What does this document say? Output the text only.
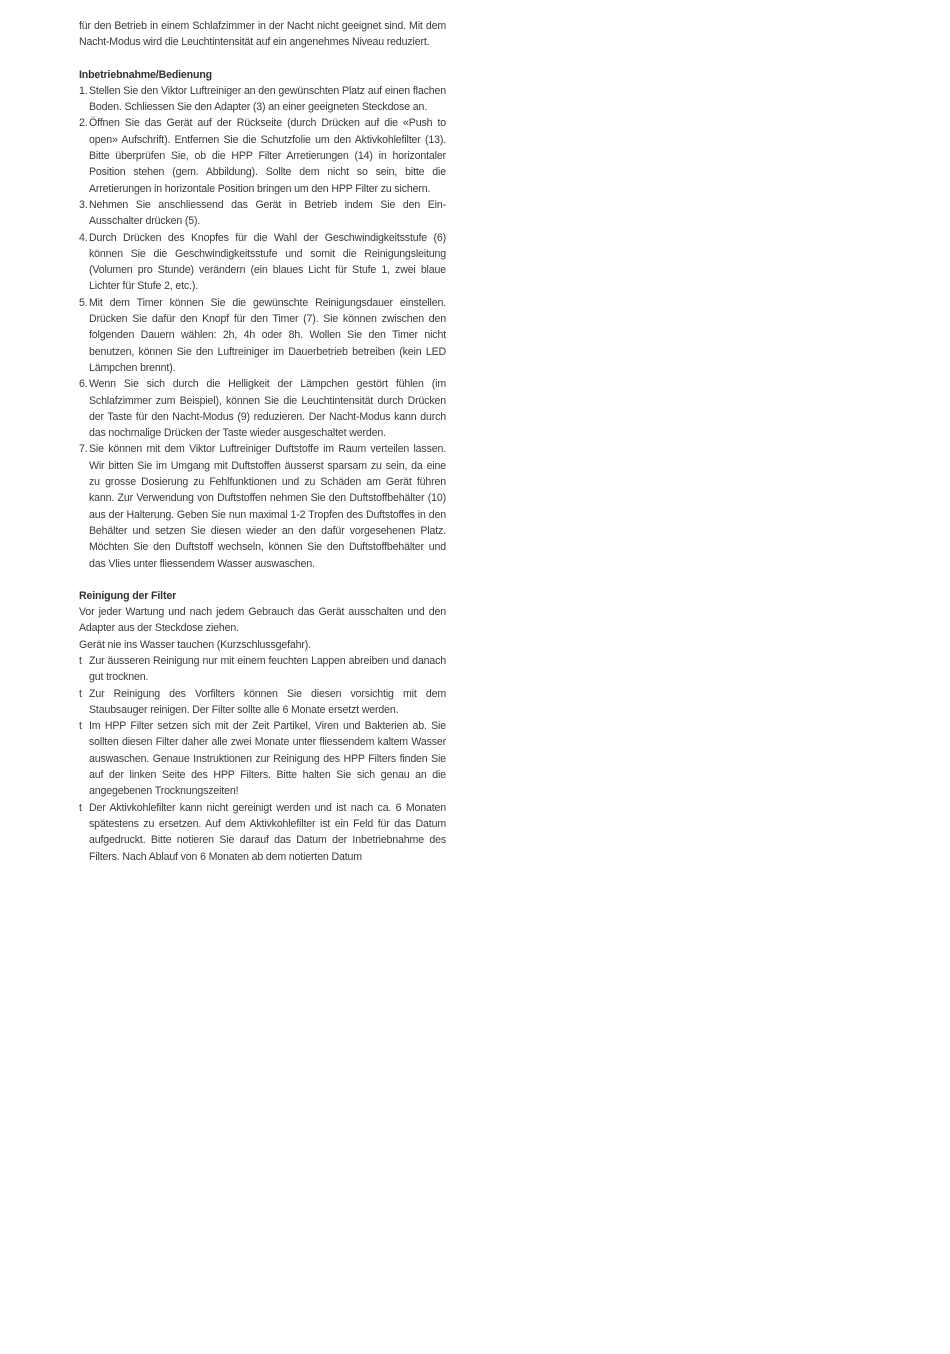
für den Betrieb in einem Schlafzimmer in der Nacht nicht geeignet sind. Mit dem Nacht-Modus wird die Leuchtintensität auf ein angenehmes Niveau reduziert.

Inbetriebnahme/Bedienung
1. Stellen Sie den Viktor Luftreiniger an den gewünschten Platz auf einen flachen Boden. Schliessen Sie den Adapter (3) an einer geeigneten Steckdose an.
2. Öffnen Sie das Gerät auf der Rückseite (durch Drücken auf die «Push to open» Aufschrift). Entfernen Sie die Schutzfolie um den Aktivkohlefilter (13). Bitte überprüfen Sie, ob die HPP Filter Arretierungen (14) in horizontaler Position stehen (gem. Abbildung). Sollte dem nicht so sein, bitte die Arretierungen in horizontale Position bringen um den HPP Filter zu sichern.
3. Nehmen Sie anschliessend das Gerät in Betrieb indem Sie den Ein-Ausschalter drücken (5).
4. Durch Drücken des Knopfes für die Wahl der Geschwindigkeitsstufe (6) können Sie die Geschwindigkeitsstufe und somit die Reinigungsleitung (Volumen pro Stunde) verändern (ein blaues Licht für Stufe 1, zwei blaue Lichter für Stufe 2, etc.).
5. Mit dem Timer können Sie die gewünschte Reinigungsdauer einstellen. Drücken Sie dafür den Knopf für den Timer (7). Sie können zwischen den folgenden Dauern wählen: 2h, 4h oder 8h. Wollen Sie den Timer nicht benutzen, können Sie den Luftreiniger im Dauerbetrieb betreiben (kein LED Lämpchen brennt).
6. Wenn Sie sich durch die Helligkeit der Lämpchen gestört fühlen (im Schlafzimmer zum Beispiel), können Sie die Leuchtintensität durch Drücken der Taste für den Nacht-Modus (9) reduzieren. Der Nacht-Modus kann durch das nochmalige Drücken der Taste wieder ausgeschaltet werden.
7. Sie können mit dem Viktor Luftreiniger Duftstoffe im Raum verteilen lassen. Wir bitten Sie im Umgang mit Duftstoffen äusserst sparsam zu sein, da eine zu grosse Dosierung zu Fehlfunktionen und zu Schäden am Gerät führen kann. Zur Verwendung von Duftstoffen nehmen Sie den Duftstoffbehälter (10) aus der Halterung. Geben Sie nun maximal 1-2 Tropfen des Duftstoffes in den Behälter und setzen Sie diesen wieder an den dafür vorgesehenen Platz. Möchten Sie den Duftstoff wechseln, können Sie den Duftstoffbehälter und das Vlies unter fliessendem Wasser auswaschen.
Reinigung der Filter

Vor jeder Wartung und nach jedem Gebrauch das Gerät ausschalten und den Adapter aus der Steckdose ziehen.

Gerät nie ins Wasser tauchen (Kurzschlussgefahr).

t Zur äusseren Reinigung nur mit einem feuchten Lappen abreiben und danach gut trocknen.
t Zur Reinigung des Vorfilters können Sie diesen vorsichtig mit dem Staubsauger reinigen. Der Filter sollte alle 6 Monate ersetzt werden.
t Im HPP Filter setzen sich mit der Zeit Partikel, Viren und Bakterien ab. Sie sollten diesen Filter daher alle zwei Monate unter fliessendem kaltem Wasser auswaschen. Genaue Instruktionen zur Reinigung des HPP Filters finden Sie auf der linken Seite des HPP Filters. Bitte halten Sie sich genau an die angegebenen Trocknungszeiten!
t Der Aktivkohlefilter kann nicht gereinigt werden und ist nach ca. 6 Monaten spätestens zu ersetzen. Auf dem Aktivkohlefilter ist ein Feld für das Datum aufgedruckt. Bitte notieren Sie darauf das Datum der Inbetriebnahme des Filters. Nach Ablauf von 6 Monaten ab dem notierten Datum
